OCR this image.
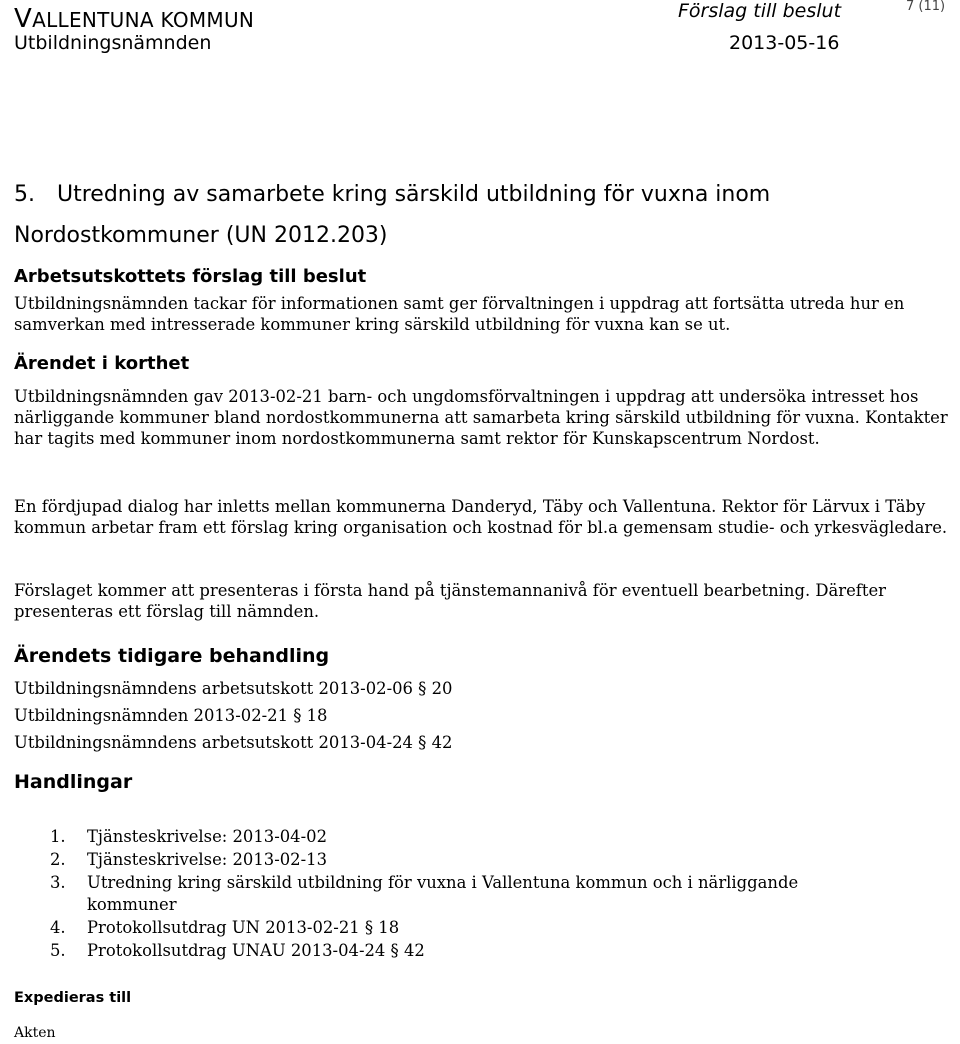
VALLENTUNA KOMMUN
Utbildningsnämnden
Förslag till beslut
2013-05-16
7 (11)
5. Utredning av samarbete kring särskild utbildning för vuxna inom Nordostkommuner (UN 2012.203)
Arbetsutskottets förslag till beslut
Utbildningsnämnden tackar för informationen samt ger förvaltningen i uppdrag att fortsätta utreda hur en samverkan med intresserade kommuner kring särskild utbildning för vuxna kan se ut.
Ärendet i korthet
Utbildningsnämnden gav 2013-02-21 barn- och ungdomsförvaltningen i uppdrag att undersöka intresset hos närliggande kommuner bland nordostkommunerna att samarbeta kring särskild utbildning för vuxna. Kontakter har tagits med kommuner inom nordostkommunerna samt rektor för Kunskapscentrum Nordost.
En fördjupad dialog har inletts mellan kommunerna Danderyd, Täby och Vallentuna. Rektor för Lärvux i Täby kommun arbetar fram ett förslag kring organisation och kostnad för bl.a gemensam studie- och yrkesvägledare.
Förslaget kommer att presenteras i första hand på tjänstemannanivå för eventuell bearbetning. Därefter presenteras ett förslag till nämnden.
Ärendets tidigare behandling
Utbildningsnämndens arbetsutskott 2013-02-06 § 20
Utbildningsnämnden 2013-02-21 § 18
Utbildningsnämndens arbetsutskott 2013-04-24 § 42
Handlingar
1. Tjänsteskrivelse: 2013-04-02
2. Tjänsteskrivelse: 2013-02-13
3. Utredning kring särskild utbildning för vuxna i Vallentuna kommun och i närliggande
kommuner
4. Protokollsutdrag UN 2013-02-21 § 18
5. Protokollsutdrag UNAU 2013-04-24 § 42
Expedieras till
Akten
